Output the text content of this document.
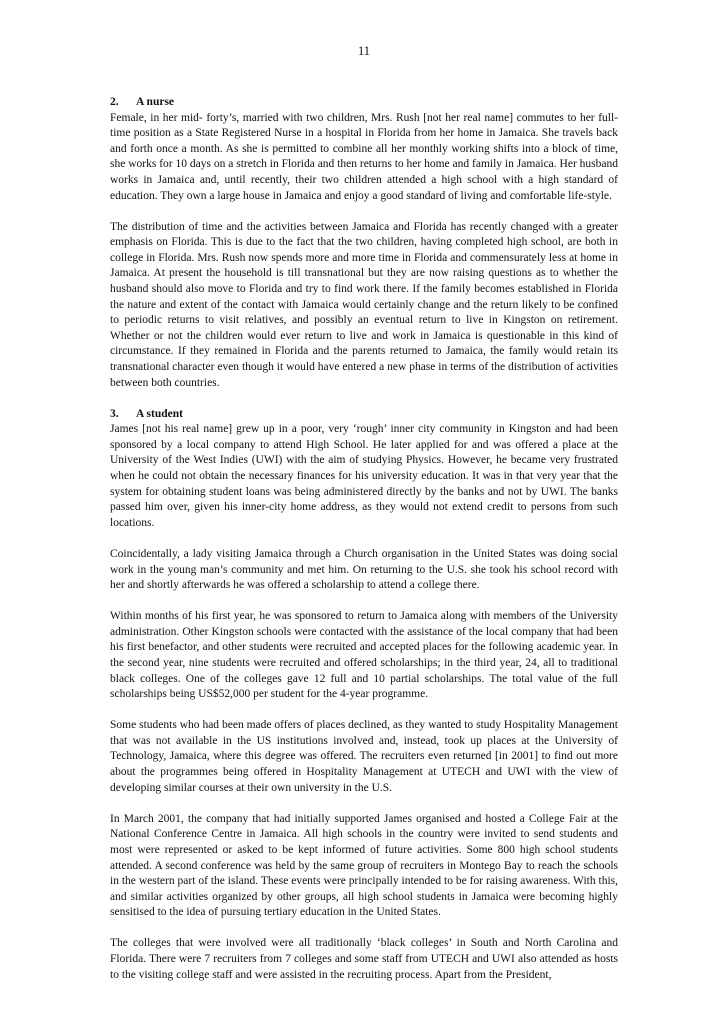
11
2. A nurse

Female, in her mid- forty’s, married with two children, Mrs. Rush [not her real name] commutes to her full-time position as a State Registered Nurse in a hospital in Florida from her home in Jamaica. She travels back and forth once a month. As she is permitted to combine all her monthly working shifts into a block of time, she works for 10 days on a stretch in Florida and then returns to her home and family in Jamaica. Her husband works in Jamaica and, until recently, their two children attended a high school with a high standard of education. They own a large house in Jamaica and enjoy a good standard of living and comfortable life-style.

The distribution of time and the activities between Jamaica and Florida has recently changed with a greater emphasis on Florida. This is due to the fact that the two children, having completed high school, are both in college in Florida. Mrs. Rush now spends more and more time in Florida and commensurately less at home in Jamaica. At present the household is till transnational but they are now raising questions as to whether the husband should also move to Florida and try to find work there. If the family becomes established in Florida the nature and extent of the contact with Jamaica would certainly change and the return likely to be confined to periodic returns to visit relatives, and possibly an eventual return to live in Kingston on retirement. Whether or not the children would ever return to live and work in Jamaica is questionable in this kind of circumstance. If they remained in Florida and the parents returned to Jamaica, the family would retain its transnational character even though it would have entered a new phase in terms of the distribution of activities between both countries.

3. A student

James [not his real name] grew up in a poor, very ‘rough’ inner city community in Kingston and had been sponsored by a local company to attend High School. He later applied for and was offered a place at the University of the West Indies (UWI) with the aim of studying Physics. However, he became very frustrated when he could not obtain the necessary finances for his university education. It was in that very year that the system for obtaining student loans was being administered directly by the banks and not by UWI. The banks passed him over, given his inner-city home address, as they would not extend credit to persons from such locations.

Coincidentally, a lady visiting Jamaica through a Church organisation in the United States was doing social work in the young man’s community and met him. On returning to the U.S. she took his school record with her and shortly afterwards he was offered a scholarship to attend a college there.

Within months of his first year, he was sponsored to return to Jamaica along with members of the University administration. Other Kingston schools were contacted with the assistance of the local company that had been his first benefactor, and other students were recruited and accepted places for the following academic year. In the second year, nine students were recruited and offered scholarships; in the third year, 24, all to traditional black colleges. One of the colleges gave 12 full and 10 partial scholarships. The total value of the full scholarships being US$52,000 per student for the 4-year programme.

Some students who had been made offers of places declined, as they wanted to study Hospitality Management that was not available in the US institutions involved and, instead, took up places at the University of Technology, Jamaica, where this degree was offered. The recruiters even returned [in 2001] to find out more about the programmes being offered in Hospitality Management at UTECH and UWI with the view of developing similar courses at their own university in the U.S.

In March 2001, the company that had initially supported James organised and hosted a College Fair at the National Conference Centre in Jamaica. All high schools in the country were invited to send students and most were represented or asked to be kept informed of future activities. Some 800 high school students attended. A second conference was held by the same group of recruiters in Montego Bay to reach the schools in the western part of the island. These events were principally intended to be for raising awareness. With this, and similar activities organized by other groups, all high school students in Jamaica were becoming highly sensitised to the idea of pursuing tertiary education in the United States.

The colleges that were involved were all traditionally ‘black colleges’ in South and North Carolina and Florida. There were 7 recruiters from 7 colleges and some staff from UTECH and UWI also attended as hosts to the visiting college staff and were assisted in the recruiting process. Apart from the President,
